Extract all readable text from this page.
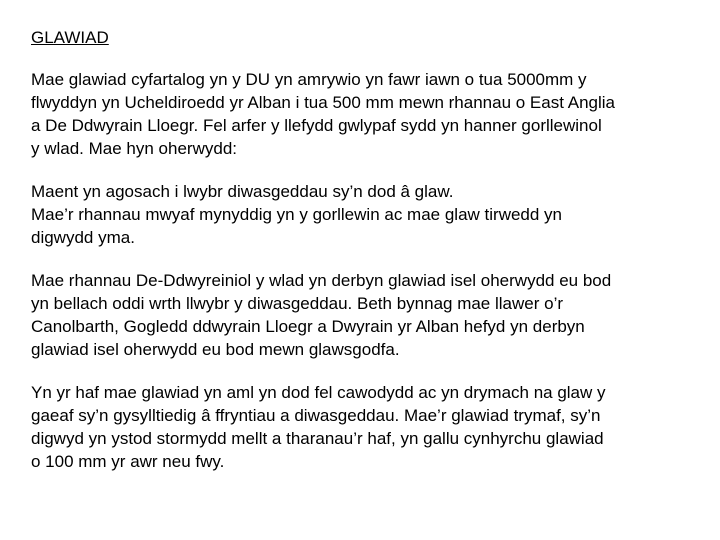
GLAWIAD

Mae glawiad cyfartalog yn y DU yn amrywio yn fawr iawn o tua 5000mm y
flwyddyn yn Ucheldiroedd yr Alban i tua 500 mm mewn rhannau o East Anglia
a De Ddwyrain Lloegr. Fel arfer y llefydd gwlypaf sydd yn hanner gorllewinol
y wlad. Mae hyn oherwydd:

Maent yn agosach i lwybr diwasgeddau sy’n dod â glaw.
Mae’r rhannau mwyaf mynyddig yn y gorllewin ac mae glaw tirwedd yn
digwydd yma.

Mae rhannau De-Ddwyreiniol y wlad yn derbyn glawiad isel oherwydd eu bod
yn bellach oddi wrth llwybr y diwasgeddau. Beth bynnag mae llawer o’r
Canolbarth, Gogledd ddwyrain Lloegr a Dwyrain yr Alban hefyd yn derbyn
glawiad isel oherwydd eu bod mewn glawsgodfa.

Yn yr haf mae glawiad yn aml yn dod fel cawodydd ac yn drymach na glaw y
gaeaf sy’n gysylltiedig â ffryntiau a diwasgeddau. Mae’r glawiad trymaf, sy’n
digwyd yn ystod stormydd mellt a tharanau’r haf, yn gallu cynhyrchu glawiad
o 100 mm yr awr neu fwy.
